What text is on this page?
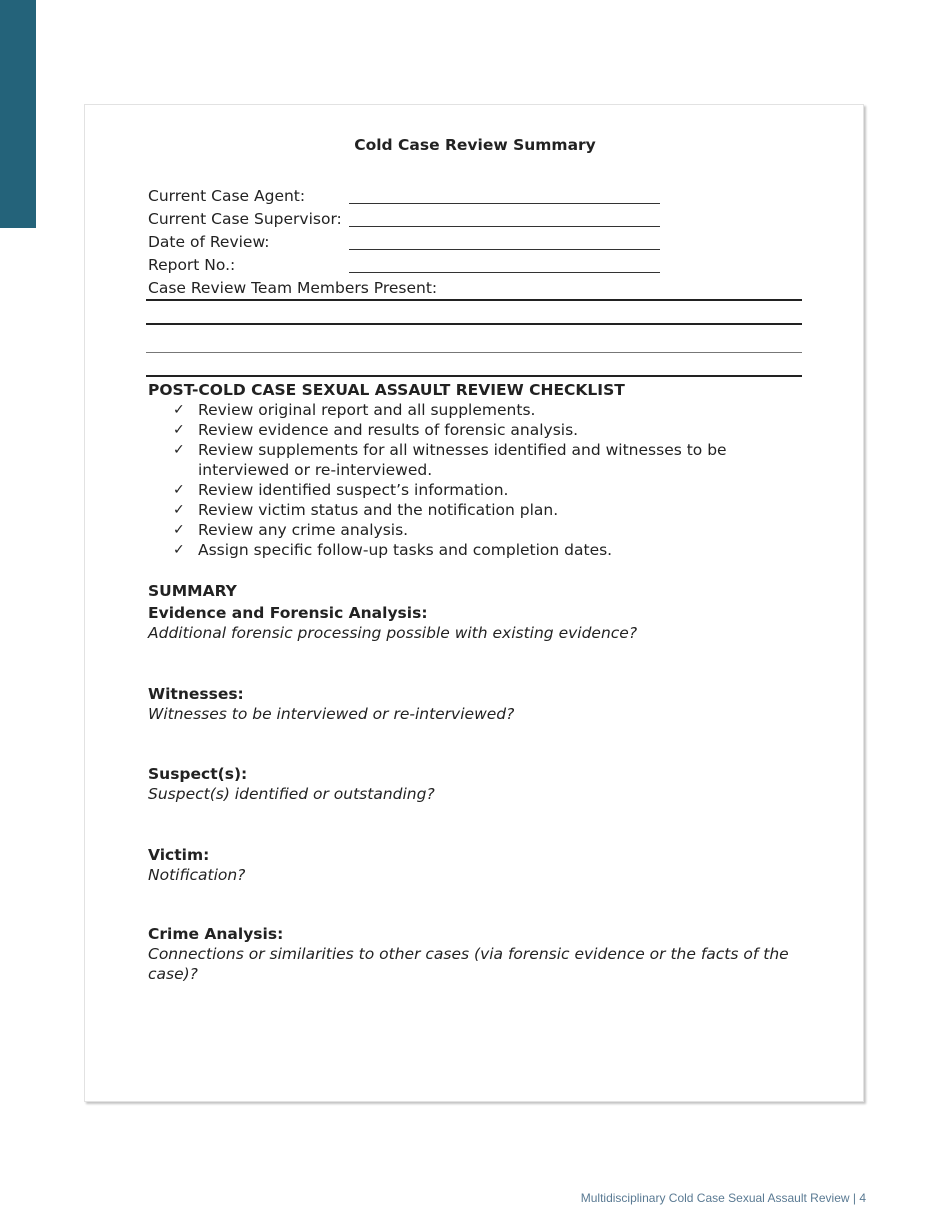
Cold Case Review Summary
Current Case Agent:
Current Case Supervisor:
Date of Review:
Report No.:
Case Review Team Members Present:
POST-COLD CASE SEXUAL ASSAULT REVIEW CHECKLIST
✓ Review original report and all supplements.
✓ Review evidence and results of forensic analysis.
✓ Review supplements for all witnesses identified and witnesses to be interviewed or re-interviewed.
✓ Review identified suspect’s information.
✓ Review victim status and the notification plan.
✓ Review any crime analysis.
✓ Assign specific follow-up tasks and completion dates.
SUMMARY
Evidence and Forensic Analysis:
Additional forensic processing possible with existing evidence?
Witnesses:
Witnesses to be interviewed or re-interviewed?
Suspect(s):
Suspect(s) identified or outstanding?
Victim:
Notification?
Crime Analysis:
Connections or similarities to other cases (via forensic evidence or the facts of the case)?
Multidisciplinary Cold Case Sexual Assault Review | 4
